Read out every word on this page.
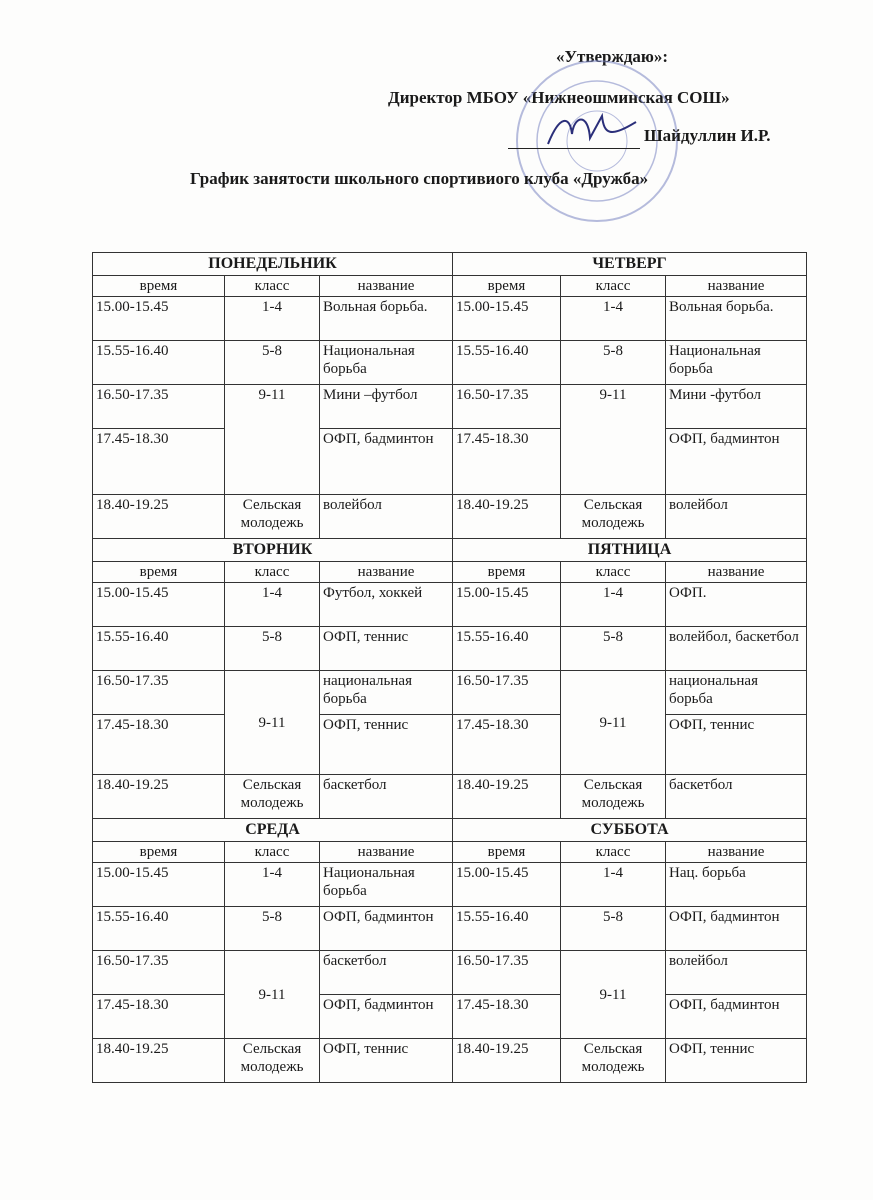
«Утверждаю»:
Директор МБОУ «Нижнеошминская СОШ»
Шайдуллин И.Р.
График занятости школьного спортивиого клуба «Дружба»
ПОНЕДЕЛЬНИК			ЧЕТВЕРГ		
время	класс	название	время	класс	название
15.00-15.45	1-4	Вольная борьба.	15.00-15.45	1-4	Вольная борьба.
15.55-16.40	5-8	Национальная борьба	15.55-16.40	5-8	Национальная борьба
16.50-17.35	9-11	Мини –футбол	16.50-17.35	9-11	Мини -футбол
17.45-18.30		ОФП, бадминтон	17.45-18.30		ОФП, бадминтон
18.40-19.25	Сельская молодежь	волейбол	18.40-19.25	Сельская молодежь	волейбол
ВТОРНИК			ПЯТНИЦА		
время	класс	название	время	класс	название
15.00-15.45	1-4	Футбол, хоккей	15.00-15.45	1-4	ОФП.
15.55-16.40	5-8	ОФП, теннис	15.55-16.40	5-8	волейбол, баскетбол
16.50-17.35	9-11	национальная борьба	16.50-17.35	9-11	национальная борьба
17.45-18.30		ОФП, теннис	17.45-18.30		ОФП, теннис
18.40-19.25	Сельская молодежь	баскетбол	18.40-19.25	Сельская молодежь	баскетбол
СРЕДА			СУББОТА		
время	класс	название	время	класс	название
15.00-15.45	1-4	Национальная борьба	15.00-15.45	1-4	Нац. борьба
15.55-16.40	5-8	ОФП, бадминтон	15.55-16.40	5-8	ОФП, бадминтон
16.50-17.35	9-11	баскетбол	16.50-17.35	9-11	волейбол
17.45-18.30		ОФП, бадминтон	17.45-18.30		ОФП, бадминтон
18.40-19.25	Сельская молодежь	ОФП, теннис	18.40-19.25	Сельская молодежь	ОФП, теннис
